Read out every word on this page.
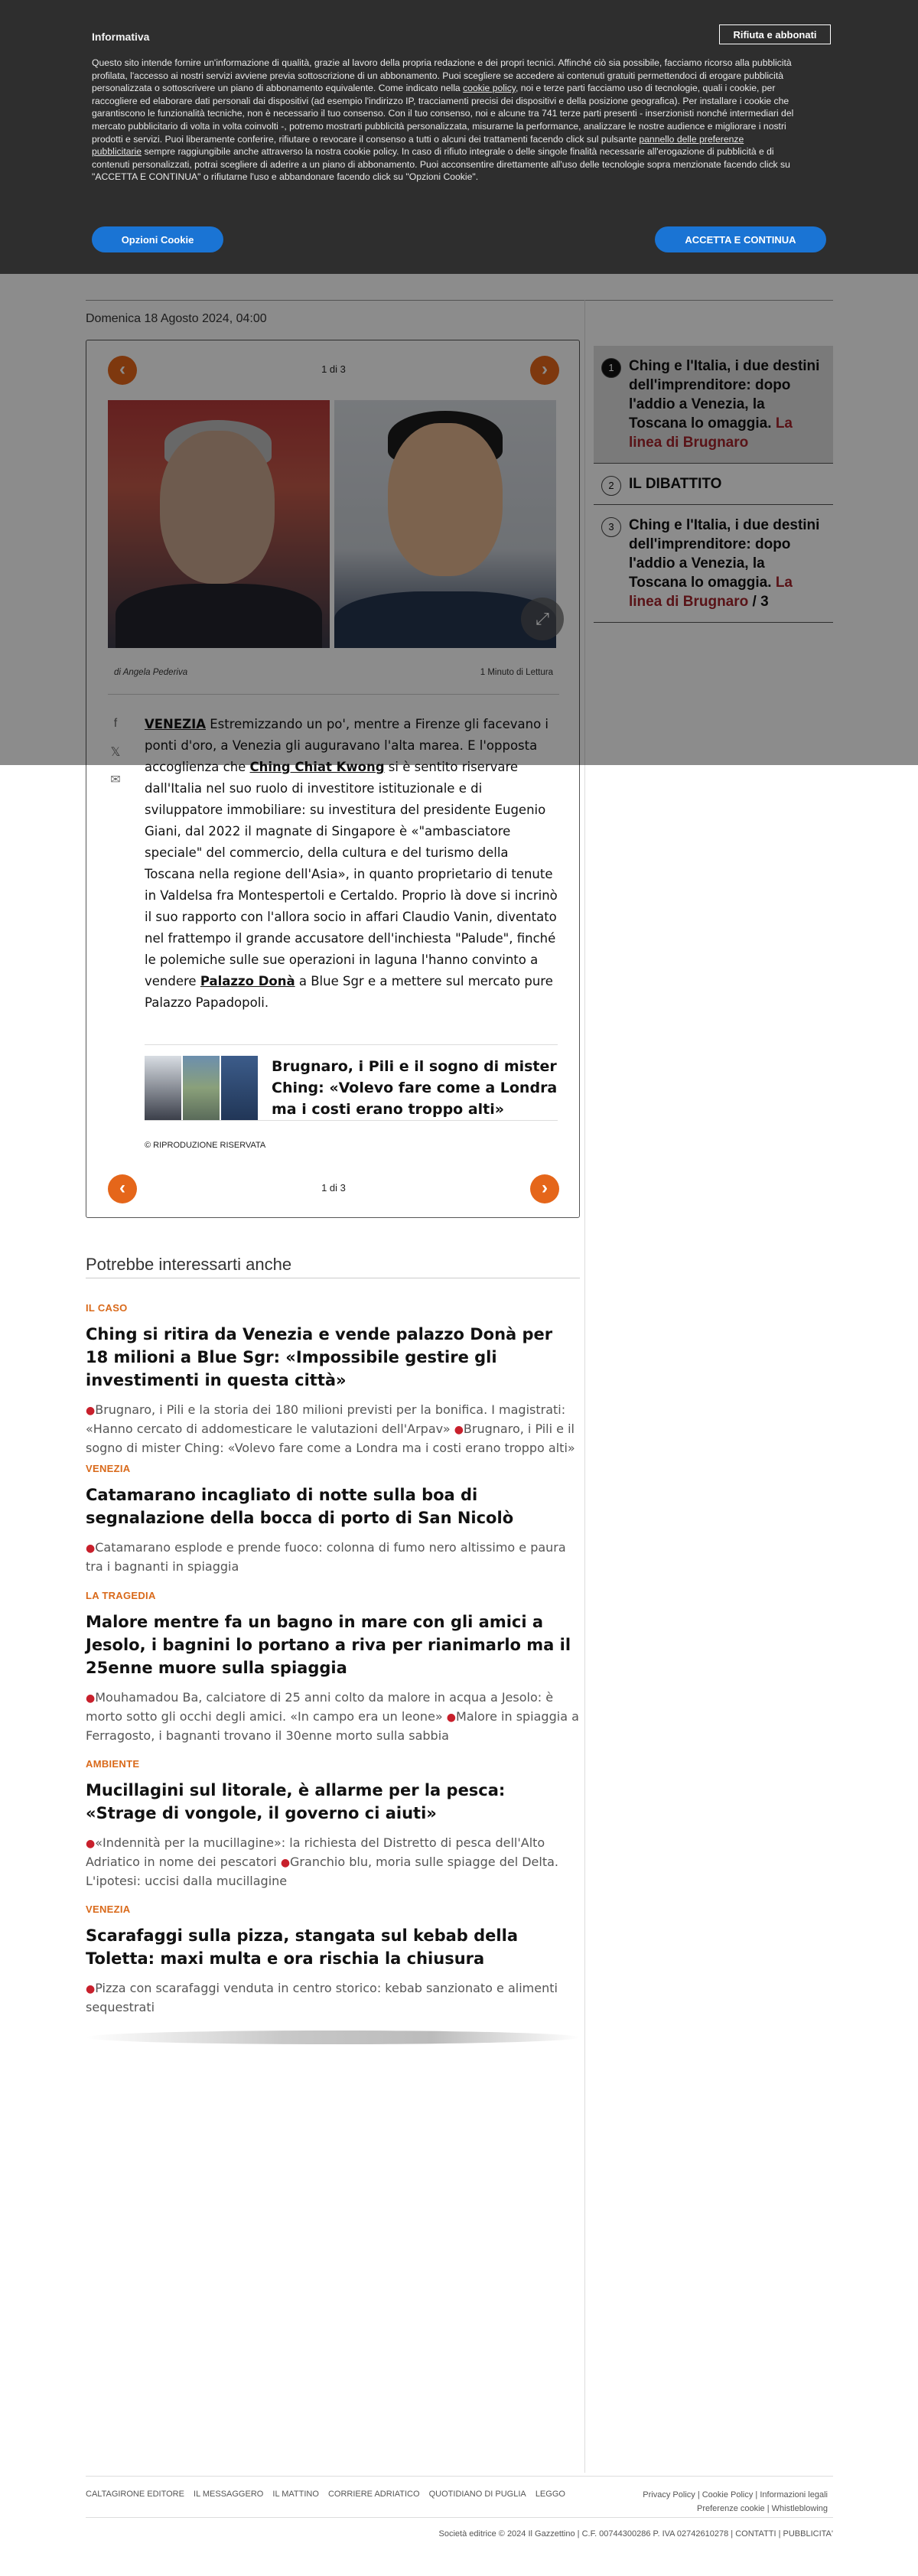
Informativa	Rifiuta e abbonati

Questo sito intende fornire un'informazione di qualità, grazie al lavoro della propria redazione e dei propri tecnici. Affinché ciò sia possibile, facciamo ricorso alla pubblicità profilata, l'accesso ai nostri servizi avviene previa sottoscrizione di un abbonamento. Puoi scegliere se accedere ai contenuti gratuiti permettendoci di erogare pubblicità personalizzata o sottoscrivere un piano di abbonamento equivalente. Come indicato nella cookie policy, noi e terze parti facciamo uso di tecnologie, quali i cookie, per raccogliere ed elaborare dati personali dai dispositivi (ad esempio l'indirizzo IP, tracciamenti precisi dei dispositivi e della posizione geografica). Per installare i cookie che garantiscono le funzionalità tecniche, non è necessario il tuo consenso. Con il tuo consenso, noi e alcune tra 741 terze parti presenti - inserzionisti nonché intermediari del mercato pubblicitario di volta in volta coinvolti -, potremo mostrarti pubblicità personalizzata, misurarne la performance, analizzare le nostre audience e migliorare i nostri prodotti e servizi. Puoi liberamente conferire, rifiutare o revocare il consenso a tutti o alcuni dei trattamenti facendo click sul pulsante pannello delle preferenze pubblicitarie sempre raggiungibile anche attraverso la nostra cookie policy. In caso di rifiuto integrale o delle singole finalità necessarie all'erogazione di pubblicità e di contenuti personalizzati, potrai scegliere di aderire a un piano di abbonamento. Puoi acconsentire direttamente all'uso delle tecnologie sopra menzionate facendo click su "ACCETTA E CONTINUA" o rifiutarne l'uso e abbandonare facendo click su "Opzioni Cookie".

Opzioni Cookie	ACCETTA E CONTINUA
Domenica 18 Agosto 2024, 04:00
‹	1 di 3	›
⤢
di Angela Pederiva	1 Minuto di Lettura
f
𝕏
✉
VENEZIA Estremizzando un po', mentre a Firenze gli facevano i ponti d'oro, a Venezia gli auguravano l'alta marea. E l'opposta accoglienza che Ching Chiat Kwong si è sentito riservare dall'Italia nel suo ruolo di investitore istituzionale e di sviluppatore immobiliare: su investitura del presidente Eugenio Giani, dal 2022 il magnate di Singapore è «"ambasciatore speciale" del commercio, della cultura e del turismo della Toscana nella regione dell'Asia», in quanto proprietario di tenute in Valdelsa fra Montespertoli e Certaldo. Proprio là dove si incrinò il suo rapporto con l'allora socio in affari Claudio Vanin, diventato nel frattempo il grande accusatore dell'inchiesta "Palude", finché le polemiche sulle sue operazioni in laguna l'hanno convinto a vendere Palazzo Donà a Blue Sgr e a mettere sul mercato pure Palazzo Papadopoli.
Brugnaro, i Pili e il sogno di mister Ching: «Volevo fare come a Londra ma i costi erano troppo alti»
© RIPRODUZIONE RISERVATA
‹	1 di 3	›
1	Ching e l'Italia, i due destini dell'imprenditore: dopo l'addio a Venezia, la Toscana lo omaggia. La linea di Brugnaro
2	IL DIBATTITO
3	Ching e l'Italia, i due destini dell'imprenditore: dopo l'addio a Venezia, la Toscana lo omaggia. La linea di Brugnaro / 3
Potrebbe interessarti anche
IL CASO
Ching si ritira da Venezia e vende palazzo Donà per 18 milioni a Blue Sgr: «Impossibile gestire gli investimenti in questa città»
●Brugnaro, i Pili e la storia dei 180 milioni previsti per la bonifica. I magistrati: «Hanno cercato di addomesticare le valutazioni dell'Arpav» ●Brugnaro, i Pili e il sogno di mister Ching: «Volevo fare come a Londra ma i costi erano troppo alti»
VENEZIA
Catamarano incagliato di notte sulla boa di segnalazione della bocca di porto di San Nicolò
●Catamarano esplode e prende fuoco: colonna di fumo nero altissimo e paura tra i bagnanti in spiaggia
LA TRAGEDIA
Malore mentre fa un bagno in mare con gli amici a Jesolo, i bagnini lo portano a riva per rianimarlo ma il 25enne muore sulla spiaggia
●Mouhamadou Ba, calciatore di 25 anni colto da malore in acqua a Jesolo: è morto sotto gli occhi degli amici. «In campo era un leone» ●Malore in spiaggia a Ferragosto, i bagnanti trovano il 30enne morto sulla sabbia
AMBIENTE
Mucillagini sul litorale, è allarme per la pesca: «Strage di vongole, il governo ci aiuti»
●«Indennità per la mucillagine»: la richiesta del Distretto di pesca dell'Alto Adriatico in nome dei pescatori ●Granchio blu, moria sulle spiagge del Delta. L'ipotesi: uccisi dalla mucillagine
VENEZIA
Scarafaggi sulla pizza, stangata sul kebab della Toletta: maxi multa e ora rischia la chiusura
●Pizza con scarafaggi venduta in centro storico: kebab sanzionato e alimenti sequestrati
CALTAGIRONE EDITORE IL MESSAGGERO IL MATTINO CORRIERE ADRIATICO QUOTIDIANO DI PUGLIA LEGGO	Privacy Policy | Cookie Policy | Informazioni legali
Preferenze cookie | Whistleblowing
Società editrice © 2024 Il Gazzettino | C.F. 00744300286 P. IVA 02742610278 | CONTATTI | PUBBLICITA'
